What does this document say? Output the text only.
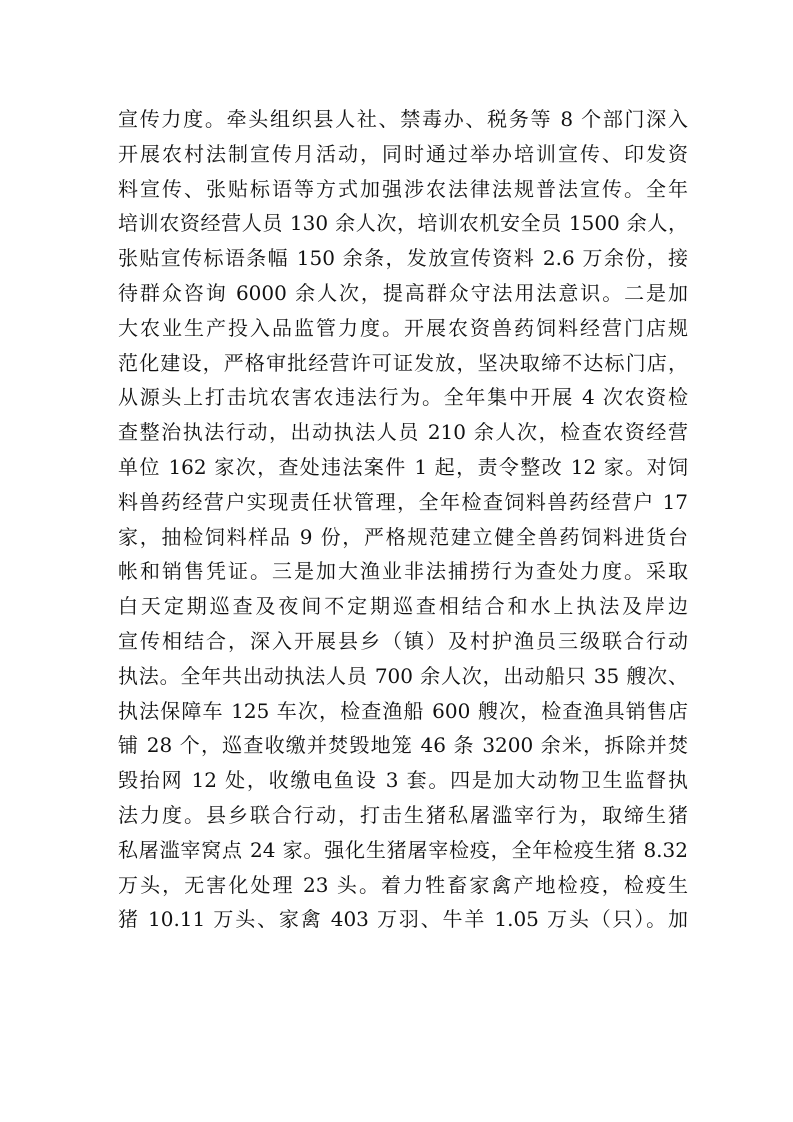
宣传力度。牵头组织县人社、禁毒办、税务等 8 个部门深入
开展农村法制宣传月活动，同时通过举办培训宣传、印发资
料宣传、张贴标语等方式加强涉农法律法规普法宣传。全年
培训农资经营人员 130 余人次，培训农机安全员 1500 余人，
张贴宣传标语条幅 150 余条，发放宣传资料 2.6 万余份，接
待群众咨询 6000 余人次，提高群众守法用法意识。二是加
大农业生产投入品监管力度。开展农资兽药饲料经营门店规
范化建设，严格审批经营许可证发放，坚决取缔不达标门店，
从源头上打击坑农害农违法行为。全年集中开展 4 次农资检
查整治执法行动，出动执法人员 210 余人次，检查农资经营
单位 162 家次，查处违法案件 1 起，责令整改 12 家。对饲
料兽药经营户实现责任状管理，全年检查饲料兽药经营户 17
家，抽检饲料样品 9 份，严格规范建立健全兽药饲料进货台
帐和销售凭证。三是加大渔业非法捕捞行为查处力度。采取
白天定期巡查及夜间不定期巡查相结合和水上执法及岸边
宣传相结合，深入开展县乡（镇）及村护渔员三级联合行动
执法。全年共出动执法人员 700 余人次，出动船只 35 艘次、
执法保障车 125 车次，检查渔船 600 艘次，检查渔具销售店
铺 28 个，巡查收缴并焚毁地笼 46 条 3200 余米，拆除并焚
毁抬网 12 处，收缴电鱼设 3 套。四是加大动物卫生监督执
法力度。县乡联合行动，打击生猪私屠滥宰行为，取缔生猪
私屠滥宰窝点 24 家。强化生猪屠宰检疫，全年检疫生猪 8.32
万头，无害化处理 23 头。着力牲畜家禽产地检疫，检疫生
猪 10.11 万头、家禽 403 万羽、牛羊 1.05 万头（只）。加
